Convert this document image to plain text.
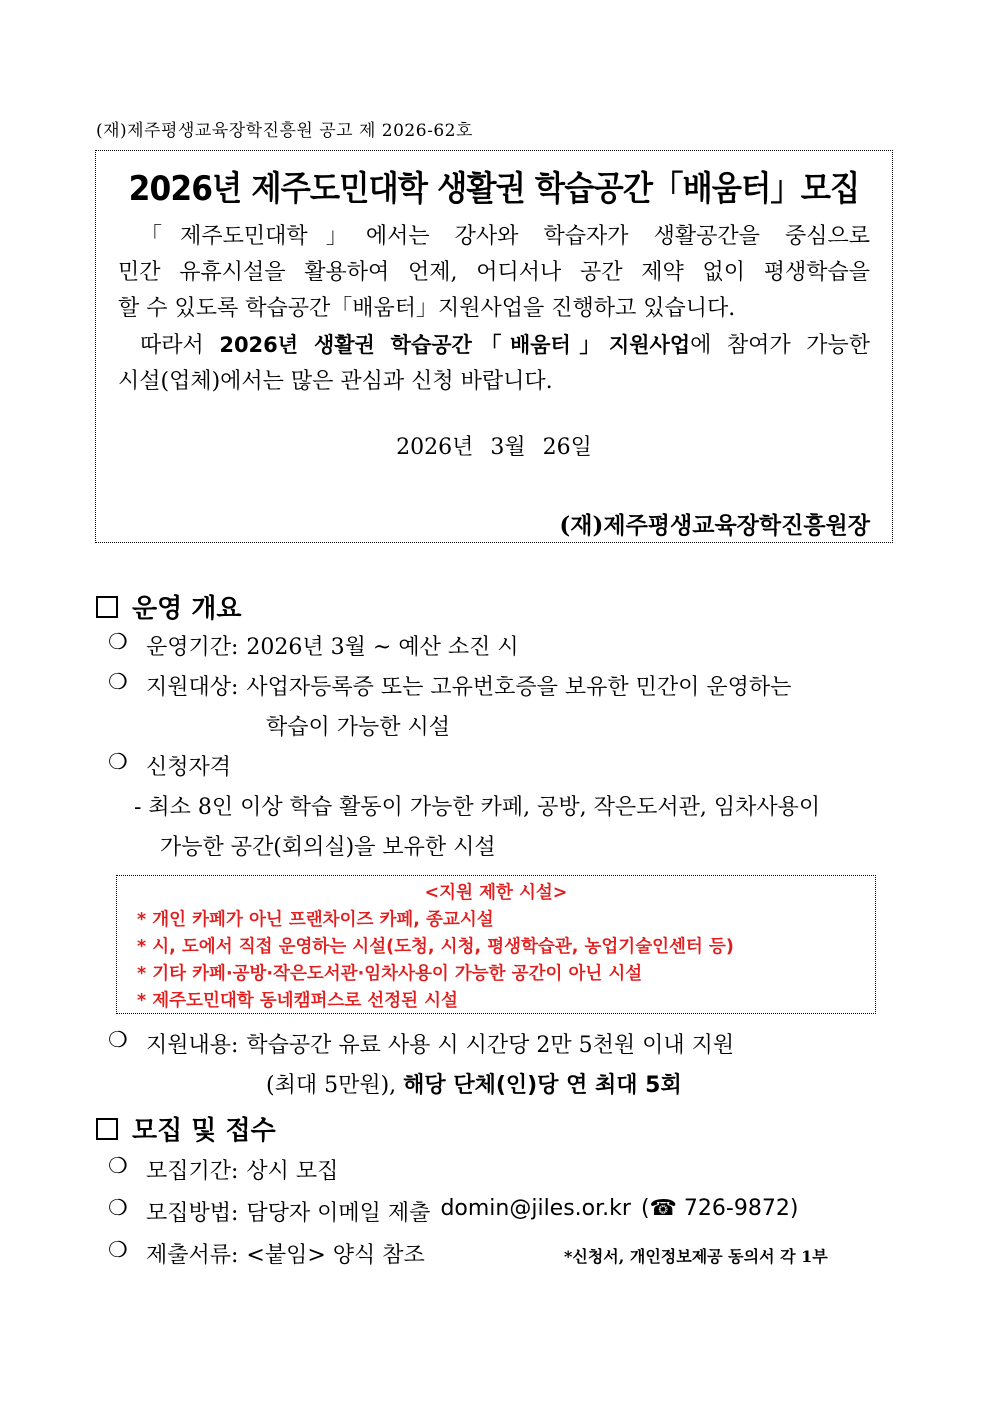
(재)제주평생교육장학진흥원 공고 제 2026-62호
2026년 제주도민대학 생활권 학습공간「배움터」모집

「제주도민대학」에서는 강사와 학습자가 생활공간을 중심으로

민간 유휴시설을 활용하여 언제, 어디서나 공간 제약 없이 평생학습을

할 수 있도록 학습공간「배움터」지원사업을 진행하고 있습니다.

따라서 2026년 생활권 학습공간「배움터」지원사업에 참여가 가능한

시설(업체)에서는 많은 관심과 신청 바랍니다.

2026년 3월 26일
(재)제주평생교육장학진흥원장
운영 개요
❍ 운영기간: 2026년 3월 ~ 예산 소진 시
❍ 지원대상: 사업자등록증 또는 고유번호증을 보유한 민간이 운영하는
학습이 가능한 시설
❍ 신청자격
- 최소 8인 이상 학습 활동이 가능한 카페, 공방, 작은도서관, 임차사용이
가능한 공간(회의실)을 보유한 시설
<지원 제한 시설>
* 개인 카페가 아닌 프랜차이즈 카페, 종교시설
* 시, 도에서 직접 운영하는 시설(도청, 시청, 평생학습관, 농업기술인센터 등)
* 기타 카페·공방·작은도서관·임차사용이 가능한 공간이 아닌 시설
* 제주도민대학 동네캠퍼스로 선정된 시설
❍ 지원내용: 학습공간 유료 사용 시 시간당 2만 5천원 이내 지원
(최대 5만원), 해당 단체(인)당 연 최대 5회
모집 및 접수
❍ 모집기간: 상시 모집
❍ 모집방법: 담당자 이메일 제출 domin@jiles.or.kr (☎ 726-9872)
❍ 제출서류: <붙임> 양식 참조	*신청서, 개인정보제공 동의서 각 1부
